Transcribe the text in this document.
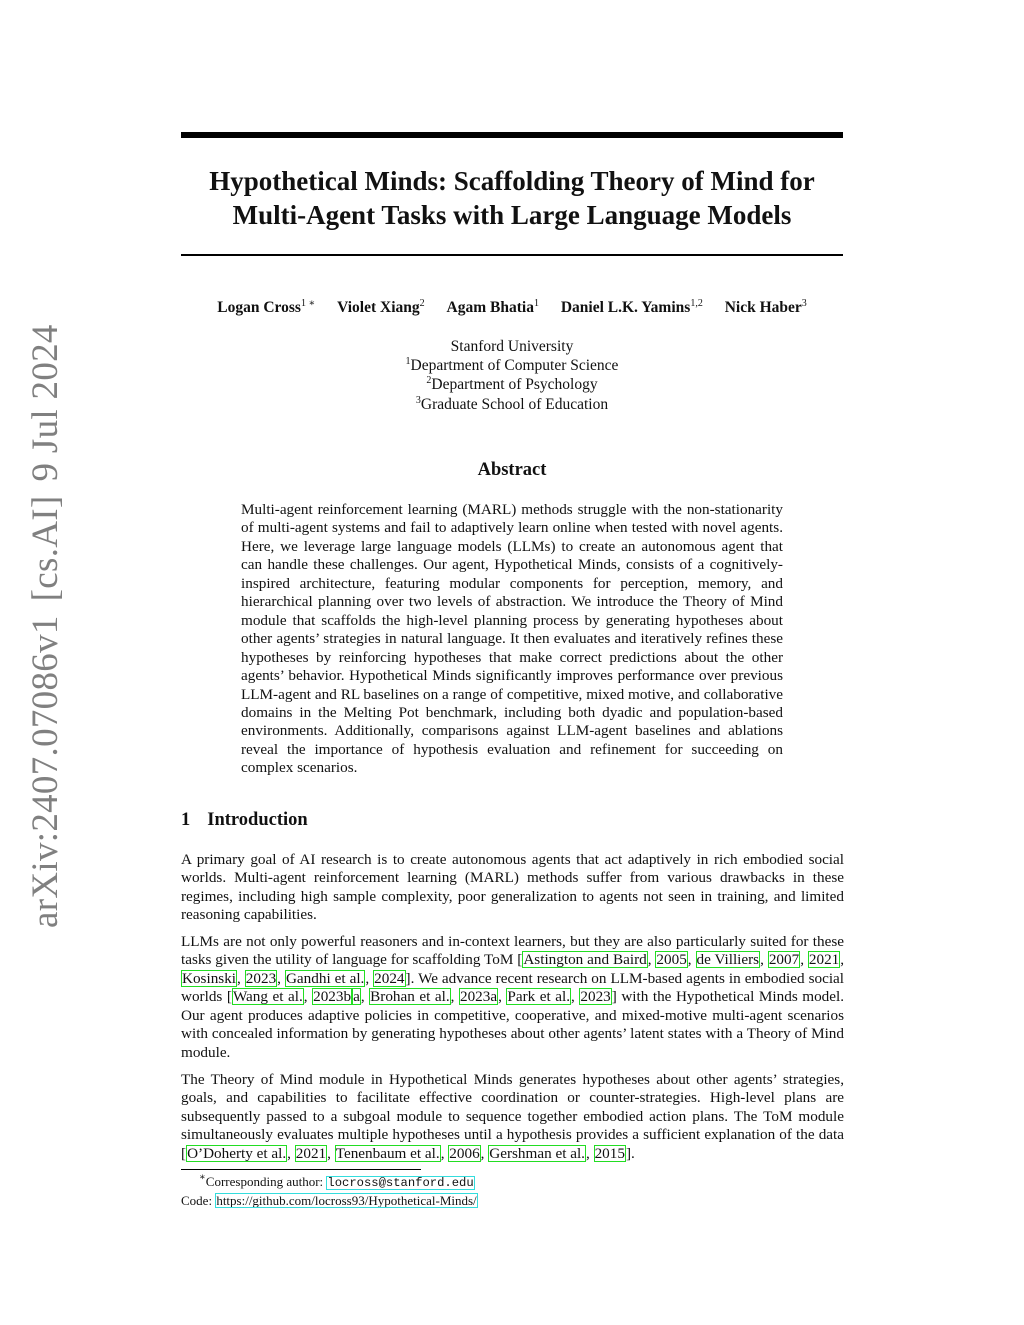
arXiv:2407.07086v1[cs.AI]9 Jul 2024
Hypothetical Minds: Scaffolding Theory of Mind for
Multi-Agent Tasks with Large Language Models
Logan Cross$^{1 ∗}$ Violet Xiang$^2$ Agam Bhatia$^1$ Daniel L.K. Yamins$^{1,2}$ Nick Haber$^3$
Stanford University
$^1$Department of Computer Science
$^2$Department of Psychology
$^3$Graduate School of Education
Abstract
Multi-agent reinforcement learning (MARL) methods struggle with the non-stationarity of multi-agent systems and fail to adaptively learn online when tested with novel agents. Here, we leverage large language models (LLMs) to create an autonomous agent that can handle these challenges. Our agent, Hypothetical Minds, consists of a cognitively-inspired architecture, featuring modular components for perception, memory, and hierarchical planning over two levels of abstraction. We introduce the Theory of Mind module that scaffolds the high-level planning process by generating hypotheses about other agents’ strategies in natural language. It then evaluates and iteratively refines these hypotheses by reinforcing hypotheses that make correct predictions about the other agents’ behavior. Hypothetical Minds significantly improves performance over previous LLM-agent and RL baselines on a range of competitive, mixed motive, and collaborative domains in the Melting Pot benchmark, including both dyadic and population-based environments. Additionally, comparisons against LLM-agent baselines and ablations reveal the importance of hypothesis evaluation and refinement for succeeding on complex scenarios.
1 Introduction
A primary goal of AI research is to create autonomous agents that act adaptively in rich embodied social worlds. Multi-agent reinforcement learning (MARL) methods suffer from various drawbacks in these regimes, including high sample complexity, poor generalization to agents not seen in training, and limited reasoning capabilities.
LLMs are not only powerful reasoners and in-context learners, but they are also particularly suited for these tasks given the utility of language for scaffolding ToM [Astington and Baird, 2005, de Villiers, 2007, 2021, Kosinski, 2023, Gandhi et al., 2024]. We advance recent research on LLM-based agents in embodied social worlds [Wang et al., 2023b a, Brohan et al., 2023a, Park et al., 2023] with the Hypothetical Minds model. Our agent produces adaptive policies in competitive, cooperative, and mixed-motive multi-agent scenarios with concealed information by generating hypotheses about other agents’ latent states with a Theory of Mind module.
The Theory of Mind module in Hypothetical Minds generates hypotheses about other agents’ strategies, goals, and capabilities to facilitate effective coordination or counter-strategies. High-level plans are subsequently passed to a subgoal module to sequence together embodied action plans. The ToM module simultaneously evaluates multiple hypotheses until a hypothesis provides a sufficient explanation of the data [O’Doherty et al., 2021, Tenenbaum et al., 2006, Gershman et al., 2015].
∗Corresponding author: locross@stanford.edu
Code: https://github.com/locross93/Hypothetical-Minds/
